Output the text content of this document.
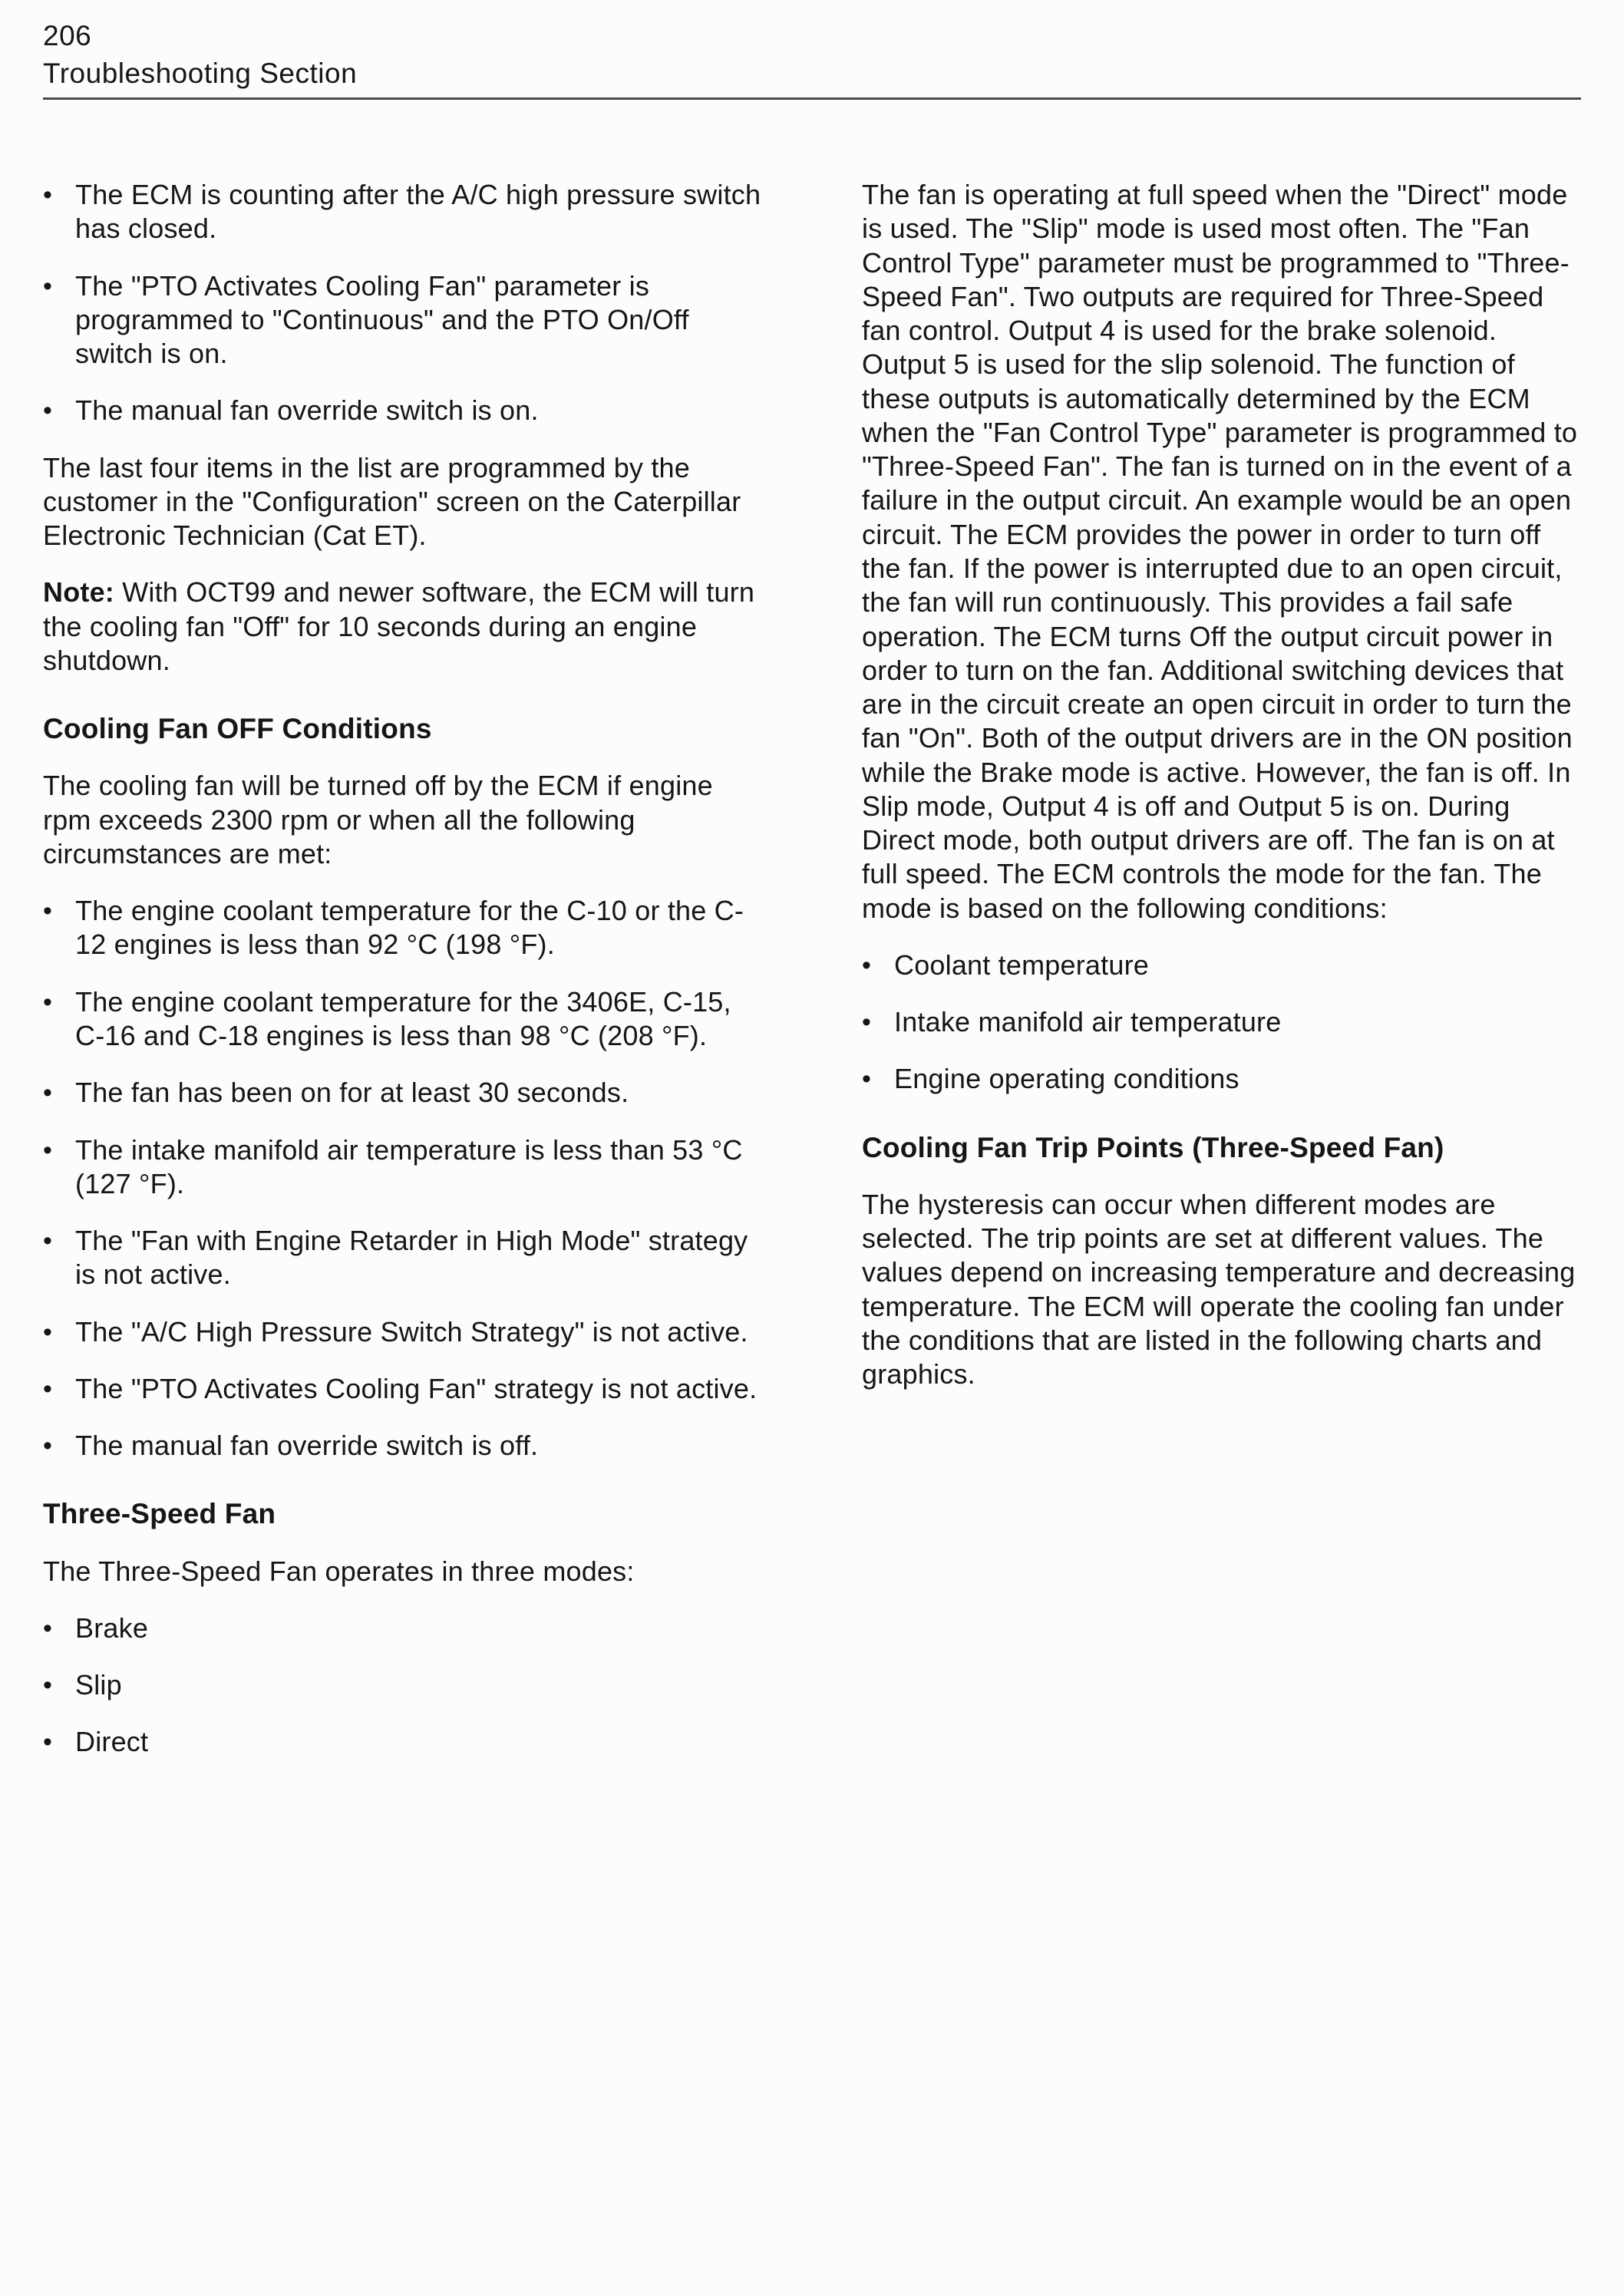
206
Troubleshooting Section
• The ECM is counting after the A/C high pressure switch has closed.
• The "PTO Activates Cooling Fan" parameter is programmed to "Continuous" and the PTO On/Off switch is on.
• The manual fan override switch is on.

The last four items in the list are programmed by the customer in the "Configuration" screen on the Caterpillar Electronic Technician (Cat ET).

Note: With OCT99 and newer software, the ECM will turn the cooling fan "Off" for 10 seconds during an engine shutdown.

Cooling Fan OFF Conditions

The cooling fan will be turned off by the ECM if engine rpm exceeds 2300 rpm or when all the following circumstances are met:

• The engine coolant temperature for the C-10 or the C-12 engines is less than 92 °C (198 °F).
• The engine coolant temperature for the 3406E, C-15, C-16 and C-18 engines is less than 98 °C (208 °F).
• The fan has been on for at least 30 seconds.
• The intake manifold air temperature is less than 53 °C (127 °F).
• The "Fan with Engine Retarder in High Mode" strategy is not active.
• The "A/C High Pressure Switch Strategy" is not active.
• The "PTO Activates Cooling Fan" strategy is not active.
• The manual fan override switch is off.
Three-Speed Fan

The Three-Speed Fan operates in three modes:

• Brake
• Slip
• Direct

The fan is operating at full speed when the "Direct" mode is used. The "Slip" mode is used most often. The "Fan Control Type" parameter must be programmed to "Three-Speed Fan". Two outputs are required for Three-Speed fan control. Output 4 is used for the brake solenoid. Output 5 is used for the slip solenoid. The function of these outputs is automatically determined by the ECM when the "Fan Control Type" parameter is programmed to "Three-Speed Fan". The fan is turned on in the event of a failure in the output circuit. An example would be an open circuit. The ECM provides the power in order to turn off the fan. If the power is interrupted due to an open circuit, the fan will run continuously. This provides a fail safe operation. The ECM turns Off the output circuit power in order to turn on the fan. Additional switching devices that are in the circuit create an open circuit in order to turn the fan "On". Both of the output drivers are in the ON position while the Brake mode is active. However, the fan is off. In Slip mode, Output 4 is off and Output 5 is on. During Direct mode, both output drivers are off. The fan is on at full speed. The ECM controls the mode for the fan. The mode is based on the following conditions:

• Coolant temperature
• Intake manifold air temperature
• Engine operating conditions
Cooling Fan Trip Points (Three-Speed Fan)

The hysteresis can occur when different modes are selected. The trip points are set at different values. The values depend on increasing temperature and decreasing temperature. The ECM will operate the cooling fan under the conditions that are listed in the following charts and graphics.
